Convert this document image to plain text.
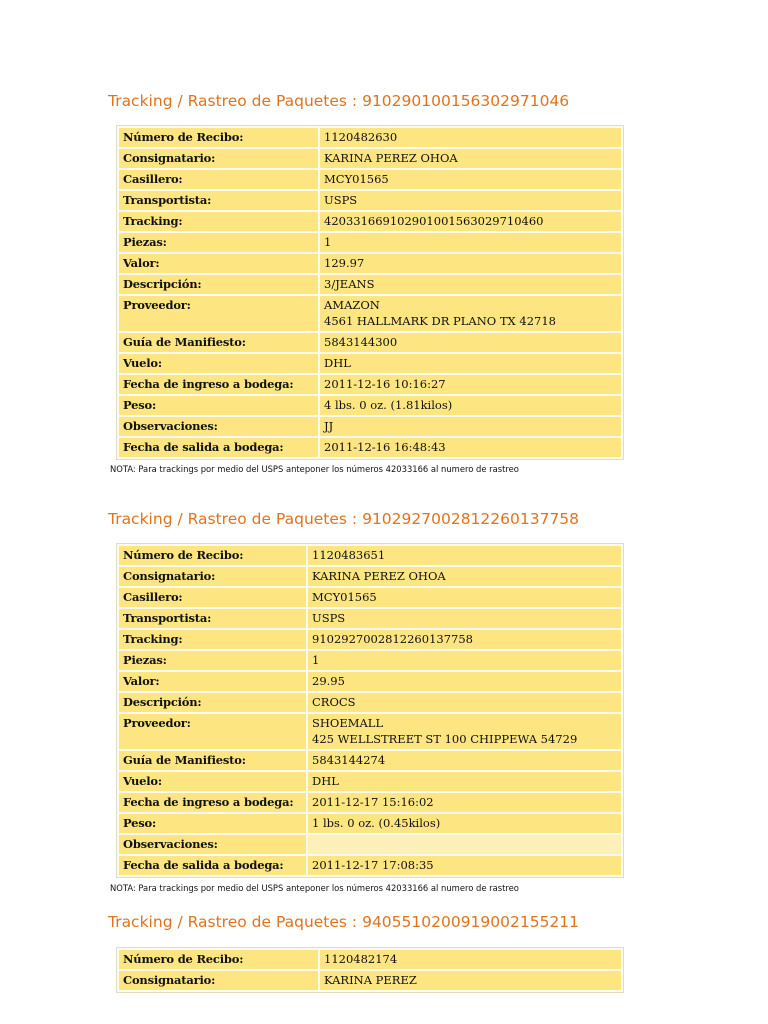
Tracking / Rastreo de Paquetes : 910290100156302971046
Número de Recibo:	1120482630
Consignatario:	KARINA PEREZ OHOA
Casillero:	MCY01565
Transportista:	USPS
Tracking:	420331669102901001563029710460
Piezas:	1
Valor:	129.97
Descripción:	3/JEANS
Proveedor:	AMAZON
4561 HALLMARK DR PLANO TX 42718

Guía de Manifiesto:	5843144300
Vuelo:	DHL
Fecha de ingreso a bodega:	2011-12-16 10:16:27
Peso:	4 lbs. 0 oz. (1.81kilos)
Observaciones:	JJ
Fecha de salida a bodega:	2011-12-16 16:48:43

NOTA: Para trackings por medio del USPS anteponer los números 42033166 al numero de rastreo

Tracking / Rastreo de Paquetes : 9102927002812260137758
Número de Recibo:	1120483651
Consignatario:	KARINA PEREZ OHOA
Casillero:	MCY01565
Transportista:	USPS
Tracking:	9102927002812260137758
Piezas:	1
Valor:	29.95
Descripción:	CROCS
Proveedor:	SHOEMALL
425 WELLSTREET ST 100 CHIPPEWA 54729

Guía de Manifiesto:	5843144274
Vuelo:	DHL
Fecha de ingreso a bodega:	2011-12-17 15:16:02
Peso:	1 lbs. 0 oz. (0.45kilos)
Observaciones:	
Fecha de salida a bodega:	2011-12-17 17:08:35

NOTA: Para trackings por medio del USPS anteponer los números 42033166 al numero de rastreo

Tracking / Rastreo de Paquetes : 9405510200919002155211
Número de Recibo:	1120482174
Consignatario:	KARINA PEREZ
